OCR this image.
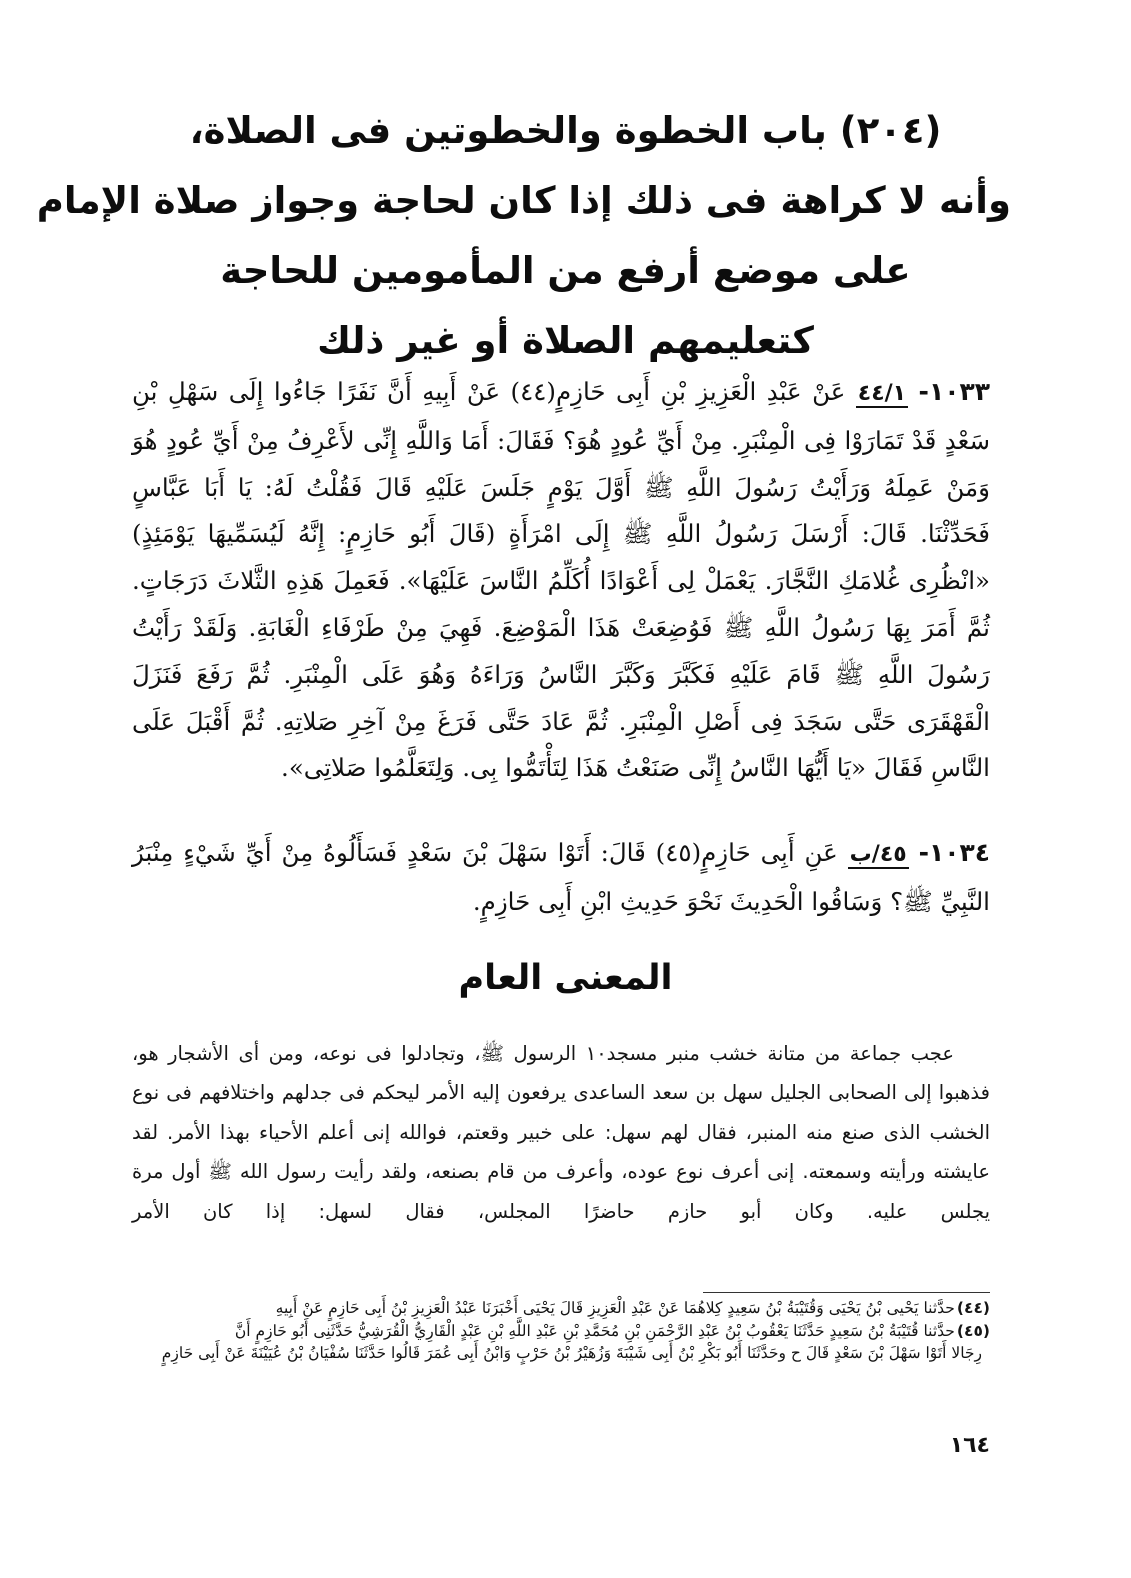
(٢٠٤) باب الخطوة والخطوتين فى الصلاة،
وأنه لا كراهة فى ذلك إذا كان لحاجة وجواز صلاة الإمام
على موضع أرفع من المأمومين للحاجة
كتعليمهم الصلاة أو غير ذلك
١٠٣٣- ٤٤/١ عَنْ عَبْدِ الْعَزِيزِ بْنِ أَبِى حَازِمٍ(٤٤) عَنْ أَبِيهِ أَنَّ نَفَرًا جَاءُوا إِلَى سَهْلِ بْنِ سَعْدٍ قَدْ تَمَارَوْا فِى الْمِنْبَرِ. مِنْ أَيِّ عُودٍ هُوَ؟ فَقَالَ: أَمَا وَاللَّهِ إِنِّى لأَعْرِفُ مِنْ أَيِّ عُودٍ هُوَ وَمَنْ عَمِلَهُ وَرَأَيْتُ رَسُولَ اللَّهِ ﷺ أَوَّلَ يَوْمٍ جَلَسَ عَلَيْهِ قَالَ فَقُلْتُ لَهُ: يَا أَبَا عَبَّاسٍ فَحَدِّثْنَا. قَالَ: أَرْسَلَ رَسُولُ اللَّهِ ﷺ إِلَى امْرَأَةٍ (قَالَ أَبُو حَازِمٍ: إِنَّهُ لَيُسَمِّيهَا يَوْمَئِذٍ) «انْظُرِى غُلامَكِ النَّجَّارَ. يَعْمَلْ لِى أَعْوَادًا أُكَلِّمُ النَّاسَ عَلَيْهَا». فَعَمِلَ هَذِهِ الثَّلاثَ دَرَجَاتٍ. ثُمَّ أَمَرَ بِهَا رَسُولُ اللَّهِ ﷺ فَوُضِعَتْ هَذَا الْمَوْضِعَ. فَهِيَ مِنْ طَرْفَاءِ الْغَابَةِ. وَلَقَدْ رَأَيْتُ رَسُولَ اللَّهِ ﷺ قَامَ عَلَيْهِ فَكَبَّرَ وَكَبَّرَ النَّاسُ وَرَاءَهُ وَهُوَ عَلَى الْمِنْبَرِ. ثُمَّ رَفَعَ فَنَزَلَ الْقَهْقَرَى حَتَّى سَجَدَ فِى أَصْلِ الْمِنْبَرِ. ثُمَّ عَادَ حَتَّى فَرَغَ مِنْ آخِرِ صَلاتِهِ. ثُمَّ أَقْبَلَ عَلَى النَّاسِ فَقَالَ «يَا أَيُّهَا النَّاسُ إِنِّى صَنَعْتُ هَذَا لِتَأْتَمُّوا بِى. وَلِتَعَلَّمُوا صَلاتِى».
١٠٣٤- ٤٥/ب عَنِ أَبِى حَازِمٍ(٤٥) قَالَ: أَتَوْا سَهْلَ بْنَ سَعْدٍ فَسَأَلُوهُ مِنْ أَيِّ شَيْءٍ مِنْبَرُ النَّبِيِّ ﷺ؟ وَسَاقُوا الْحَدِيثَ نَحْوَ حَدِيثِ ابْنِ أَبِى حَازِمٍ.
المعنى العام

عجب جماعة من متانة خشب منبر مسجد١٠ الرسول ﷺ، وتجادلوا فى نوعه، ومن أى الأشجار هو، فذهبوا إلى الصحابى الجليل سهل بن سعد الساعدى يرفعون إليه الأمر ليحكم فى جدلهم واختلافهم فى نوع الخشب الذى صنع منه المنبر، فقال لهم سهل: على خبير وقعتم، فوالله إنى أعلم الأحياء بهذا الأمر. لقد عايشته ورأيته وسمعته. إنى أعرف نوع عوده، وأعرف من قام بصنعه، ولقد رأيت رسول الله ﷺ أول مرة يجلس عليه. وكان أبو حازم حاضرًا المجلس، فقال لسهل: إذا كان الأمر

(٤٤)حدَّثنا يَحْيى بْنُ يَحْيَى وَقُتَيْبَةُ بْنُ سَعِيدٍ كِلاهُمَا عَنْ عَبْدِ الْعَزِيزِ قَالَ يَحْيَى أَخْبَرَنَا عَبْدُ الْعَزِيزِ بْنُ أَبِى حَازِمٍ عَنْ أَبِيهِ

(٤٥)حدَّثنا قُتَيْبَةُ بْنُ سَعِيدٍ حَدَّثَنَا يَعْقُوبُ بْنُ عَبْدِ الرَّحْمَنِ بْنِ مُحَمَّدِ بْنِ عَبْدِ اللَّهِ بْنِ عَبْدٍ الْقَارِيُّ الْقُرَشِيُّ حَدَّثَنِى أَبُو حَازِمٍ أَنَّ

رِجَالا أَتَوْا سَهْلَ بْنَ سَعْدٍ قَالَ ح وحَدَّثَنَا أَبُو بَكْرِ بْنُ أَبِى شَيْبَةَ وَزُهَيْرُ بْنُ حَرْبٍ وَابْنُ أَبِى عُمَرَ قَالُوا حَدَّثَنَا سُفْيَانُ بْنُ عُيَيْنَةَ عَنْ أَبِى حَازِمٍ

١٦٤
